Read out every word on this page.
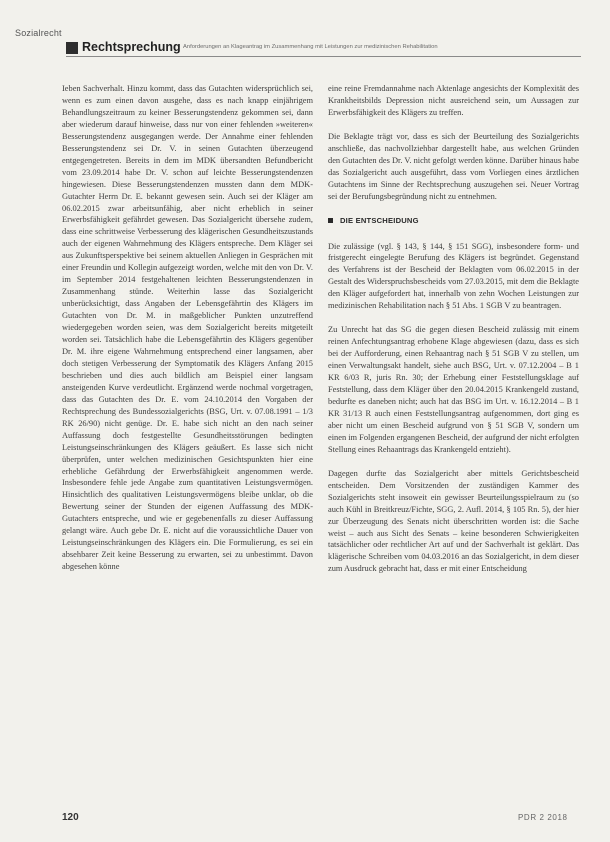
Sozialrecht
Rechtsprechung Anforderungen an Klageantrag im Zusammenhang mit Leistungen zur medizinischen Rehabilitation

Ieben Sachverhalt. Hinzu kommt, dass das Gutachten widersprüchlich sei, wenn es zum einen davon ausgehe, dass es nach knapp einjährigem Behandlungszeitraum zu keiner Besserungstendenz gekommen sei, dann aber wiederum darauf hinweise, dass nur von einer fehlenden »weiteren« Besserungstendenz ausgegangen werde. Der Annahme einer fehlenden Besserungstendenz sei Dr. V. in seinen Gutachten überzeugend entgegengetreten. Bereits in dem im MDK übersandten Befundbericht vom 23.09.2014 habe Dr. V. schon auf leichte Besserungstendenzen hingewiesen. Diese Besserungstendenzen mussten dann dem MDK-Gutachter Herrn Dr. E. bekannt gewesen sein. Auch sei der Kläger am 06.02.2015 zwar arbeitsunfähig, aber nicht erheblich in seiner Erwerbsfähigkeit gefährdet gewesen. Das Sozialgericht übersehe zudem, dass eine schrittweise Verbesserung des klägerischen Gesundheitszustands auch der eigenen Wahrnehmung des Klägers entspreche. Dem Kläger sei aus Zukunftsperspektive bei seinem aktuellen Anliegen in Gesprächen mit einer Freundin und Kollegin aufgezeigt worden, welche mit den von Dr. V. im September 2014 festgehaltenen leichten Besserungstendenzen in Zusammenhang stünde. Weiterhin lasse das Sozialgericht unberücksichtigt, dass Angaben der Lebensgefährtin des Klägers im Gutachten von Dr. M. in maßgeblicher Punkten unzutreffend wiedergegeben worden seien, was dem Sozialgericht bereits mitgeteilt worden sei. Tatsächlich habe die Lebensgefährtin des Klägers gegenüber Dr. M. ihre eigene Wahrnehmung entsprechend einer langsamen, aber doch stetigen Verbesserung der Symptomatik des Klägers Anfang 2015 beschrieben und dies auch bildlich am Beispiel einer langsam ansteigenden Kurve verdeutlicht. Ergänzend werde nochmal vorgetragen, dass das Gutachten des Dr. E. vom 24.10.2014 den Vorgaben der Rechtsprechung des Bundessozialgerichts (BSG, Urt. v. 07.08.1991 – 1/3 RK 26/90) nicht genüge. Dr. E. habe sich nicht an den nach seiner Auffassung doch festgestellte Gesundheitsstörungen bedingten Leistungseinschränkungen des Klägers geäußert. Es lasse sich nicht überprüfen, unter welchen medizinischen Gesichtspunkten hier eine erhebliche Gefährdung der Erwerbsfähigkeit angenommen werde. Insbesondere fehle jede Angabe zum quantitativen Leistungsvermögen. Hinsichtlich des qualitativen Leistungsvermögens bleibe unklar, ob die Bewertung seiner der Stunden der eigenen Auffassung des MDK-Gutachters entspreche, und wie er gegebenenfalls zu dieser Auffassung gelangt wäre. Auch gebe Dr. E. nicht auf die voraussichtliche Dauer von Leistungseinschränkungen des Klägers ein. Die Formulierung, es sei ein absehbarer Zeit keine Besserung zu erwarten, sei zu unbestimmt. Davon abgesehen könne

eine reine Fremdannahme nach Aktenlage angesichts der Komplexität des Krankheitsbilds Depression nicht ausreichend sein, um Aussagen zur Erwerbsfähigkeit des Klägers zu treffen.

Die Beklagte trägt vor, dass es sich der Beurteilung des Sozialgerichts anschließe, das nachvollziehbar dargestellt habe, aus welchen Gründen den Gutachten des Dr. V. nicht gefolgt werden könne. Darüber hinaus habe das Sozialgericht auch ausgeführt, dass vom Vorliegen eines ärztlichen Gutachtens im Sinne der Rechtsprechung auszugehen sei. Neuer Vortrag sei der Berufungsbegründung nicht zu entnehmen.

DIE ENTSCHEIDUNG

Die zulässige (vgl. § 143, § 144, § 151 SGG), insbesondere form- und fristgerecht eingelegte Berufung des Klägers ist begründet. Gegenstand des Verfahrens ist der Bescheid der Beklagten vom 06.02.2015 in der Gestalt des Widerspruchsbescheids vom 27.03.2015, mit dem die Beklagte den Kläger aufgefordert hat, innerhalb von zehn Wochen Leistungen zur medizinischen Rehabilitation nach § 51 Abs. 1 SGB V zu beantragen.

Zu Unrecht hat das SG die gegen diesen Bescheid zulässig mit einem reinen Anfechtungsantrag erhobene Klage abgewiesen (dazu, dass es sich bei der Aufforderung, einen Rehaantrag nach § 51 SGB V zu stellen, um einen Verwaltungsakt handelt, siehe auch BSG, Urt. v. 07.12.2004 – B 1 KR 6/03 R, juris Rn. 30; der Erhebung einer Feststellungsklage auf Feststellung, dass dem Kläger über den 20.04.2015 Krankengeld zustand, bedurfte es daneben nicht; auch hat das BSG im Urt. v. 16.12.2014 – B 1 KR 31/13 R auch einen Feststellungsantrag aufgenommen, dort ging es aber nicht um einen Bescheid aufgrund von § 51 SGB V, sondern um einen im Folgenden ergangenen Bescheid, der aufgrund der nicht erfolgten Stellung eines Rehaantrags das Krankengeld entzieht).

Dagegen durfte das Sozialgericht aber mittels Gerichtsbescheid entscheiden. Dem Vorsitzenden der zuständigen Kammer des Sozialgerichts steht insoweit ein gewisser Beurteilungsspielraum zu (so auch Kühl in Breitkreuz/Fichte, SGG, 2. Aufl. 2014, § 105 Rn. 5), der hier zur Überzeugung des Senats nicht überschritten worden ist: die Sache weist – auch aus Sicht des Senats – keine besonderen Schwierigkeiten tatsächlicher oder rechtlicher Art auf und der Sachverhalt ist geklärt. Das klägerische Schreiben vom 04.03.2016 an das Sozialgericht, in dem dieser zum Ausdruck gebracht hat, dass er mit einer Entscheidung

120	PDR 2 2018
